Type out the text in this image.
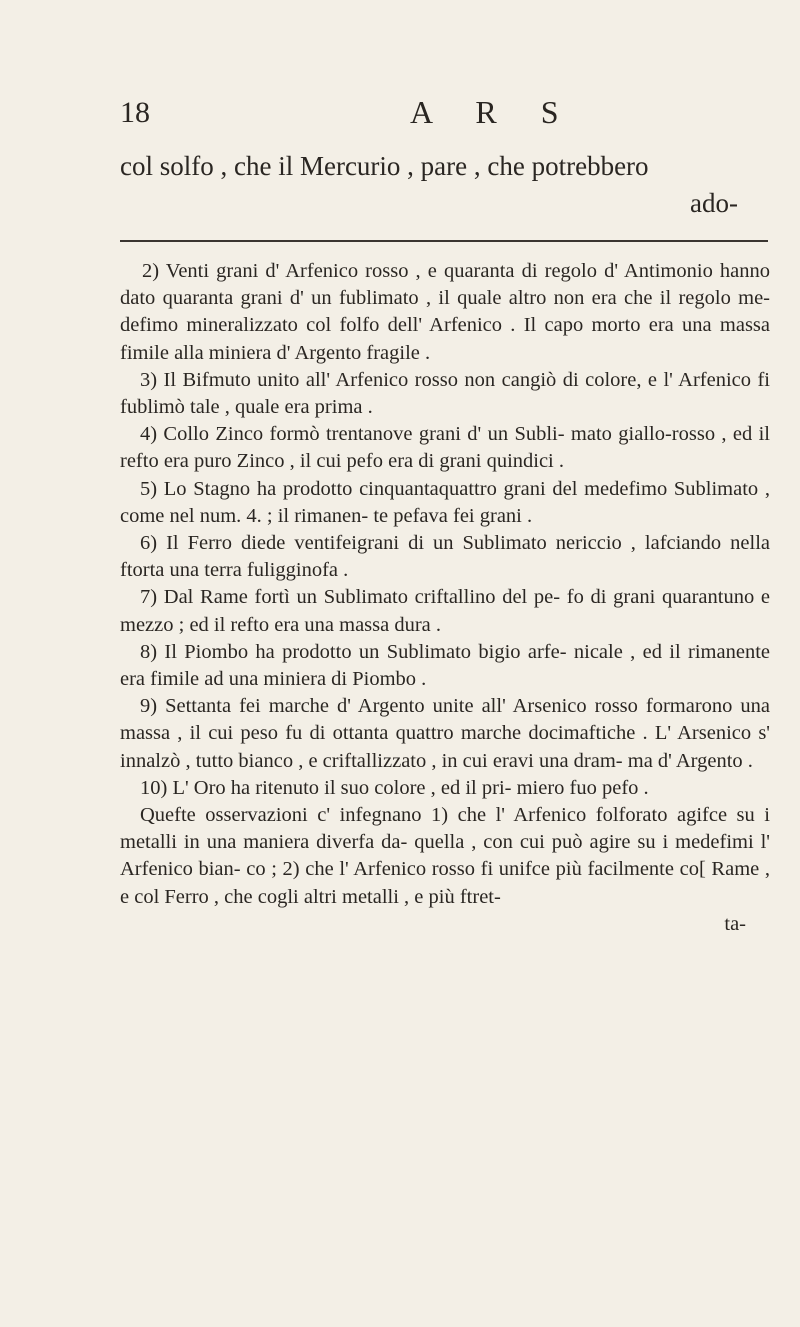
18	A R S
col solfo , che il Mercurio , pare , che potrebbero
ado-

2) Venti grani d' Arfenico rosso , e quaranta di regolo d' Antimonio hanno dato quaranta grani d' un fublimato , il quale altro non era che il regolo me- defimo mineralizzato col folfo dell' Arfenico . Il capo morto era una massa fimile alla miniera d' Argento fragile .

3) Il Bifmuto unito all' Arfenico rosso non cangiò di colore, e l' Arfenico fi fublimò tale , quale era prima .

4) Collo Zinco formò trentanove grani d' un Subli- mato giallo-rosso , ed il refto era puro Zinco , il cui pefo era di grani quindici .

5) Lo Stagno ha prodotto cinquantaquattro grani del medefimo Sublimato , come nel num. 4. ; il rimanen- te pefava fei grani .

6) Il Ferro diede ventifeigrani di un Sublimato nericcio , lafciando nella ftorta una terra fuligginofa .

7) Dal Rame fortì un Sublimato criftallino del pe- fo di grani quarantuno e mezzo ; ed il refto era una massa dura .

8) Il Piombo ha prodotto un Sublimato bigio arfe- nicale , ed il rimanente era fimile ad una miniera di Piombo .

9) Settanta fei marche d' Argento unite all' Arsenico rosso formarono una massa , il cui peso fu di ottanta quattro marche docimaftiche . L' Arsenico s' innalzò , tutto bianco , e criftallizzato , in cui eravi una dram- ma d' Argento .

10) L' Oro ha ritenuto il suo colore , ed il pri- miero fuo pefo .

Quefte osservazioni c' infegnano 1) che l' Arfenico folforato agifce su i metalli in una maniera diverfa da- quella , con cui può agire su i medefimi l' Arfenico bian- co ; 2) che l' Arfenico rosso fi unifce più facilmente co[ Rame , e col Ferro , che cogli altri metalli , e più ftret-

ta-
